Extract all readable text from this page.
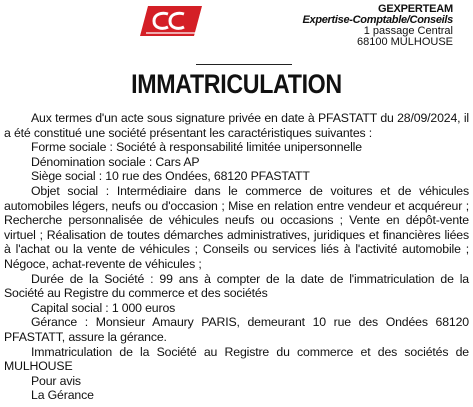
GEXPERTEAM
Expertise-Comptable/Conseils
1 passage Central
68100 MULHOUSE
IMMATRICULATION

Aux termes d'un acte sous signature privée en date à PFASTATT du 28/09/2024, il a été constitué une société présentant les caractéristiques suivantes :

Forme sociale : Société à responsabilité limitée unipersonnelle

Dénomination sociale : Cars AP

Siège social : 10 rue des Ondées, 68120 PFASTATT

Objet social : Intermédiaire dans le commerce de voitures et de véhicules automobiles légers, neufs ou d'occasion ; Mise en relation entre vendeur et acquéreur ; Recherche personnalisée de véhicules neufs ou occasions ; Vente en dépôt-vente virtuel ; Réalisation de toutes démarches administratives, juridiques et financières liées à l'achat ou la vente de véhicules ; Conseils ou services liés à l'activité automobile ; Négoce, achat-revente de véhicules ;

Durée de la Société : 99 ans à compter de la date de l'immatriculation de la Société au Registre du commerce et des sociétés

Capital social : 1 000 euros

Gérance : Monsieur Amaury PARIS, demeurant 10 rue des Ondées 68120 PFASTATT, assure la gérance.

Immatriculation de la Société au Registre du commerce et des sociétés de MULHOUSE

Pour avis

La Gérance
